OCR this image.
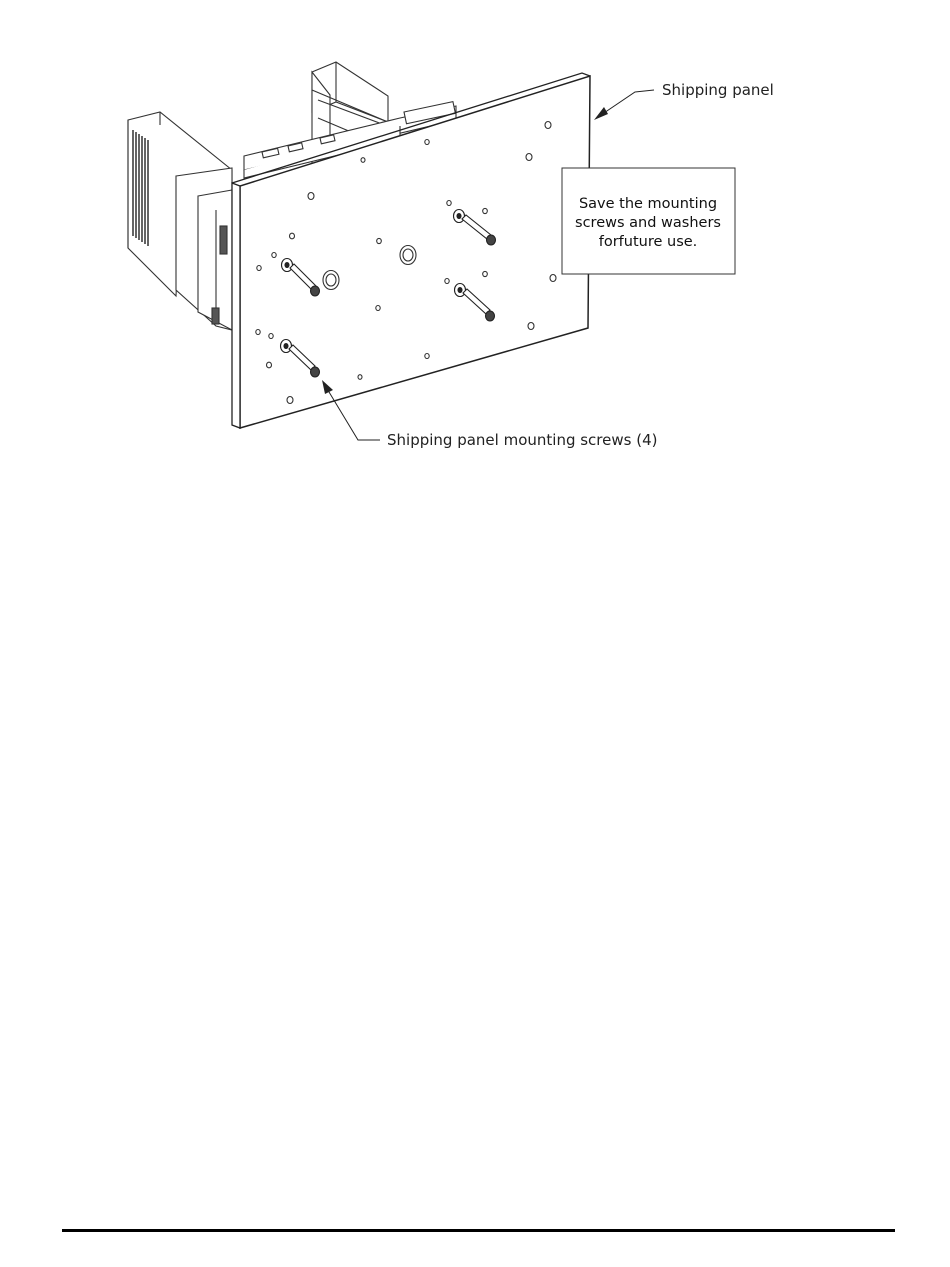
Shipping panel
Shipping panel mounting screws (4)
Save the mounting
screws and washers
forfuture use.
